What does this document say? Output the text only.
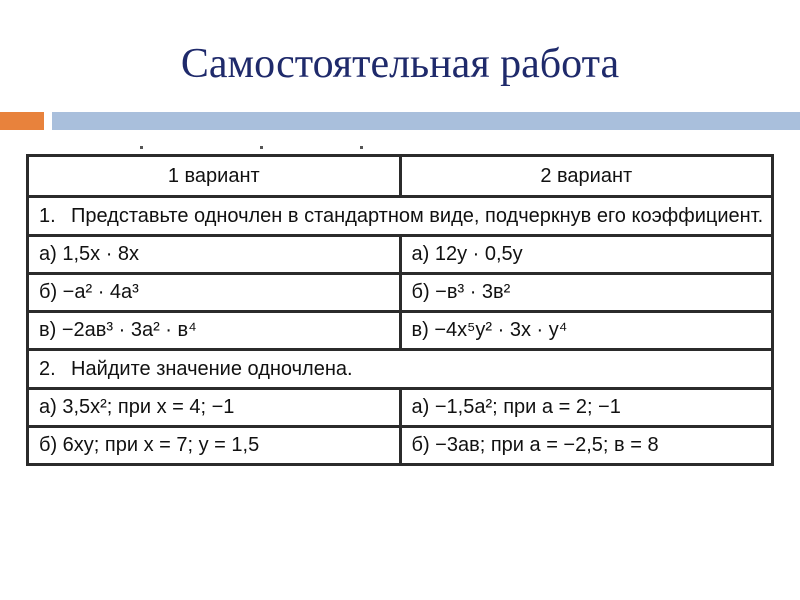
Самостоятельная работа
1 вариант	2 вариант
1. Представьте одночлен в стандартном виде, подчеркнув его коэффициент.	
а) 1,5х · 8х	а) 12у · 0,5у
б) −а² · 4а³	б) −в³ · 3в²
в) −2ав³ · 3а² · в⁴	в) −4х⁵у² · 3х · у⁴
2. Найдите значение одночлена.	
а) 3,5х²; при х = 4; −1	а) −1,5а²; при а = 2; −1
б) 6ху; при х = 7; у = 1,5	б) −3ав; при а = −2,5; в = 8
